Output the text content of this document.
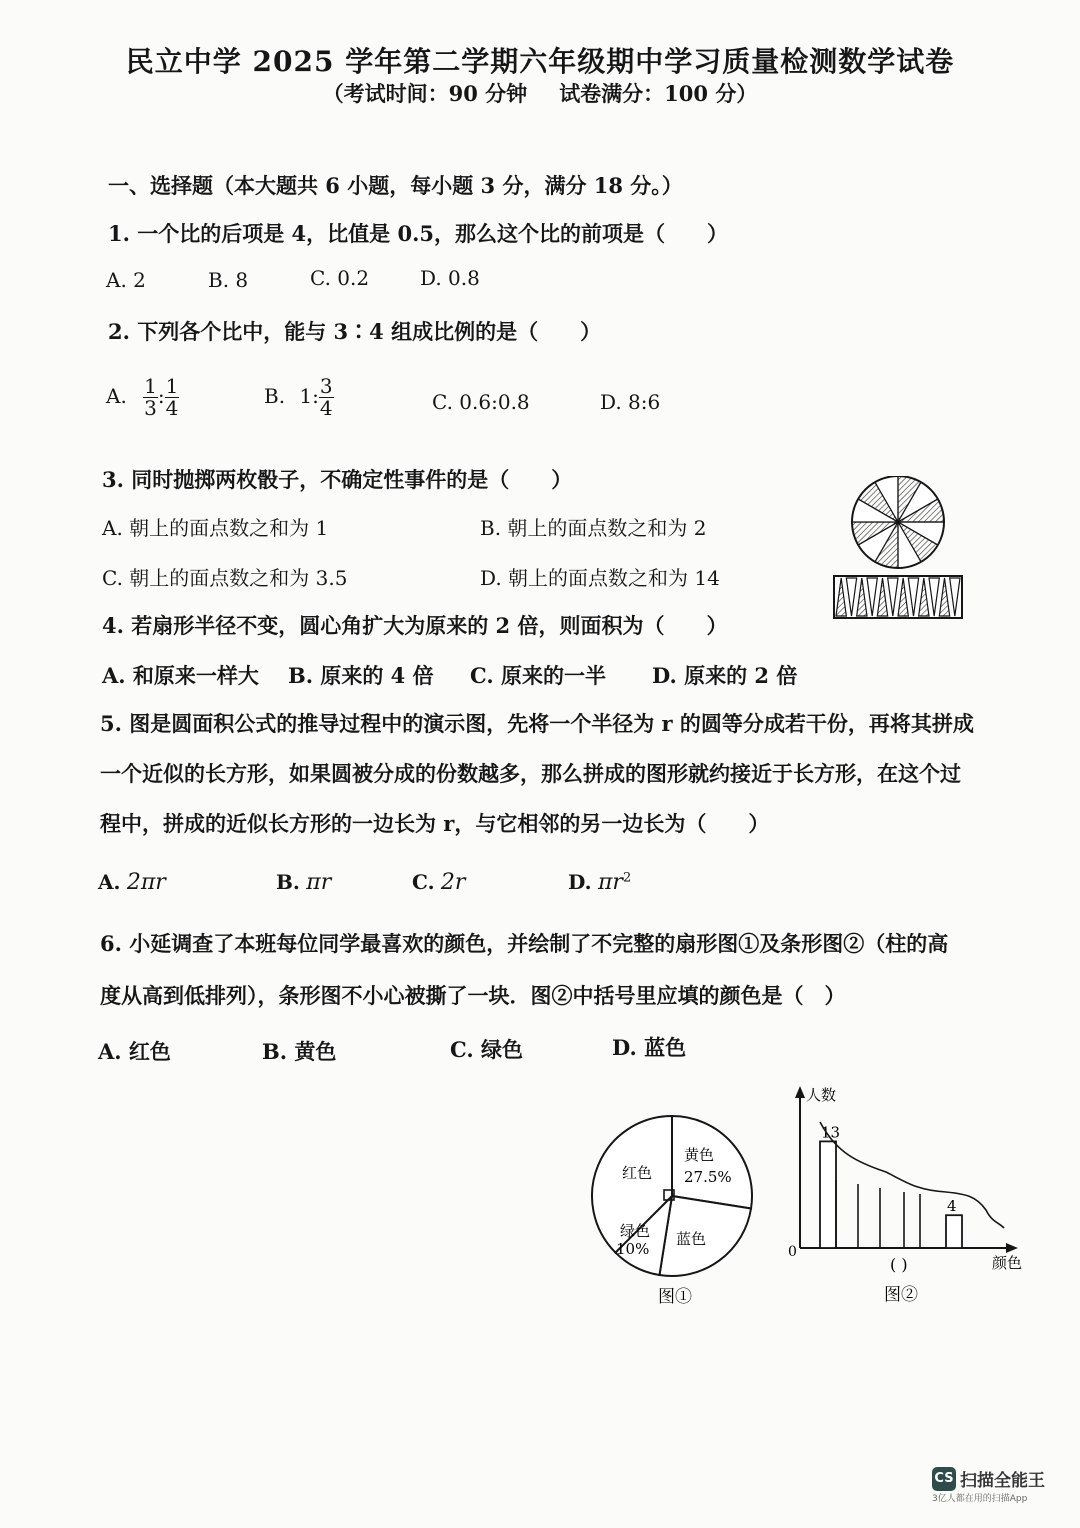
民立中学 2025 学年第二学期六年级期中学习质量检测数学试卷
（考试时间：90 分钟 试卷满分：100 分）
一、选择题（本大题共 6 小题，每小题 3 分，满分 18 分。）
1. 一个比的后项是 4，比值是 0.5，那么这个比的前项是（　　）
A. 2	B. 8	C. 0.2	D. 0.8
2. 下列各个比中，能与 3∶4 组成比例的是（　　）
A. $\frac{1}{3}$ : $\frac{1}{4}$	B. 1: $\frac{3}{4}$	C. 0.6:0.8	D. 8:6
3. 同时抛掷两枚骰子，不确定性事件的是（　　）
A. 朝上的面点数之和为 1	B. 朝上的面点数之和为 2
C. 朝上的面点数之和为 3.5	D. 朝上的面点数之和为 14
4. 若扇形半径不变，圆心角扩大为原来的 2 倍，则面积为（　　）
A. 和原来一样大 B. 原来的 4 倍 C. 原来的一半 D. 原来的 2 倍
5. 图是圆面积公式的推导过程中的演示图，先将一个半径为 r 的圆等分成若干份，再将其拼成
一个近似的长方形，如果圆被分成的份数越多，那么拼成的图形就约接近于长方形，在这个过
程中，拼成的近似长方形的一边长为 r，与它相邻的另一边长为（　　）
A. 2πr	B. πr	C. 2r	D. $\pi r^2$
6. 小延调查了本班每位同学最喜欢的颜色，并绘制了不完整的扇形图①及条形图②（柱的高
度从高到低排列），条形图不小心被撕了一块．图②中括号里应填的颜色是（　）
A. 红色	B. 黄色	C. 绿色	D. 蓝色
红色
黄色
27.5%
蓝色
绿色
10%
图①
人数
颜色
0
13
4
( )
图②
CS 扫描全能王
3亿人都在用的扫描App
